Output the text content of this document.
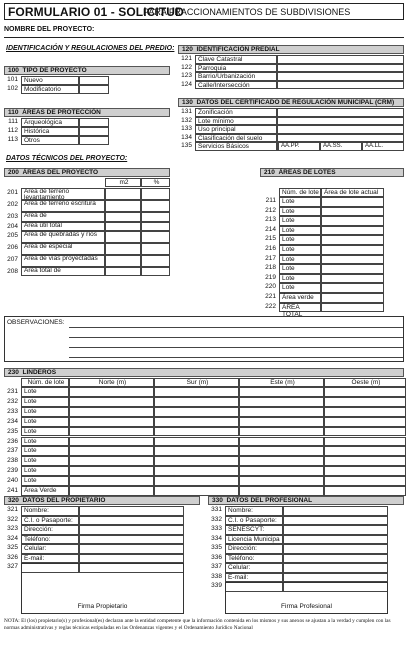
FORMULARIO 01 - SOLICITUD
PARA FRACCIONAMIENTOS DE SUBDIVISIONES
NOMBRE DEL PROYECTO:
IDENTIFICACIÓN Y REGULACIONES DEL PREDIO:
100 TIPO DE PROYECTO
101 Nuevo
102 Modificatorio
110 ÁREAS DE PROTECCIÓN
111 Arqueológica
112 Histórica
113 Otros
120 IDENTIFICACIÓN PREDIAL
121 Clave Catastral
122 Parroquia
123 Barrio/Urbanización
124 Calle/Intersección
130 DATOS DEL CERTIFICADO DE REGULACIÓN MUNICIPAL (CRM)
131 Zonificación
132 Lote mínimo
133 Uso principal
134 Clasificación del suelo
135 Servicios Básicos	AA.PP.	AA.SS.	AA.LL.
DATOS TÉCNICOS DEL PROYECTO:
200 ÁREAS DEL PROYECTO
m2	%
201 Área de terreno levantamiento
202 Área de terreno escritura
203 Área de
204 Área útil total
205 Área de quebradas y ríos
206 Área de especial
207 Área de vías proyectadas
208 Área total de
210 ÁREAS DE LOTES
Núm. de lote Área de lote actual
211 Lote
212 Lote
213 Lote
214 Lote
215 Lote
216 Lote
217 Lote
218 Lote
219 Lote
220 Lote
221 Área verde
222 ÁREA TOTAL
OBSERVACIONES:
230 LINDEROS
Núm. de lote	Norte (m)	Sur (m)	Este (m)	Oeste (m)
231 Lote
232 Lote
233 Lote
234 Lote
235 Lote
236 Lote
237 Lote
238 Lote
239 Lote
240 Lote
241 Área Verde
320 DATOS DEL PROPIETARIO
321 Nombre:
322 C.I. o Pasaporte:
323 Dirección:
324 Teléfono:
325 Celular:
326 E-mail:
327
Firma Propietario
330 DATOS DEL PROFESIONAL
331 Nombre:
332 C.I. o Pasaporte:
333 SENESCYT:
334 Licencia Municipa
335 Dirección:
336 Teléfono:
337 Celular:
338 E-mail:
339
Firma Profesional
NOTA: El (los) propietario(s) y profesional(es) declaran ante la entidad competente que la información contenida en los mismos y sus anexos se ajustan a la verdad y cumplen con las normas administrativas y reglas técnicas estipuladas en las Ordenanzas vigentes y el Ordenamiento Jurídico Nacional
